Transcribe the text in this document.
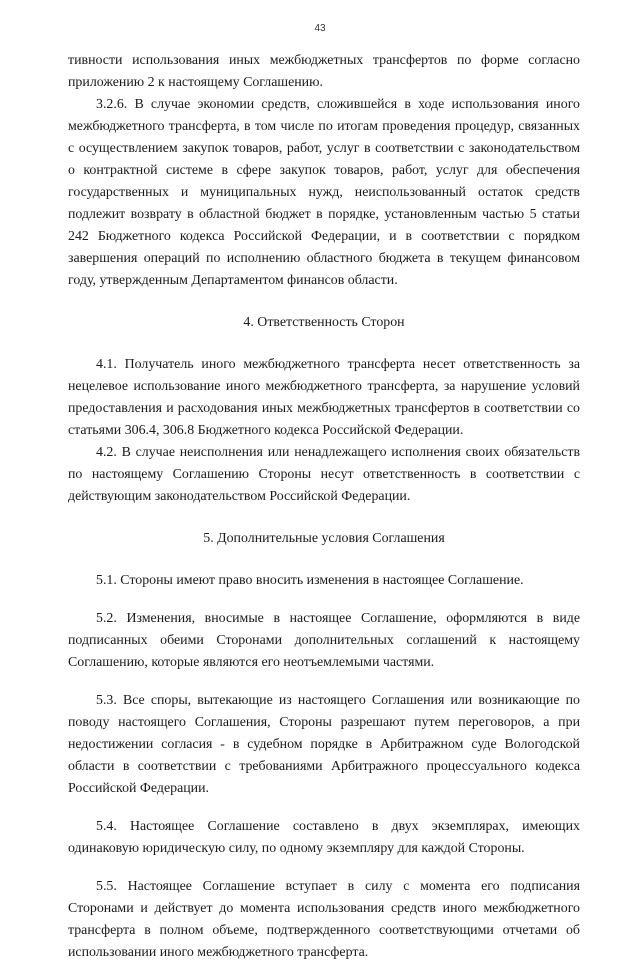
43

тивности использования иных межбюджетных трансфертов по форме согласно приложению 2 к настоящему Соглашению.

3.2.6. В случае экономии средств, сложившейся в ходе использования иного межбюджетного трансферта, в том числе по итогам проведения процедур, связанных с осуществлением закупок товаров, работ, услуг в соответствии с законодательством о контрактной системе в сфере закупок товаров, работ, услуг для обеспечения государственных и муниципальных нужд, неиспользованный остаток средств подлежит возврату в областной бюджет в порядке, установленным частью 5 статьи 242 Бюджетного кодекса Российской Федерации, и в соответствии с порядком завершения операций по исполнению областного бюджета в текущем финансовом году, утвержденным Департаментом финансов области.

4. Ответственность Сторон

4.1. Получатель иного межбюджетного трансферта несет ответственность за нецелевое использование иного межбюджетного трансферта, за нарушение условий предоставления и расходования иных межбюджетных трансфертов в соответствии со статьями 306.4, 306.8 Бюджетного кодекса Российской Федерации.

4.2. В случае неисполнения или ненадлежащего исполнения своих обязательств по настоящему Соглашению Стороны несут ответственность в соответствии с действующим законодательством Российской Федерации.

5. Дополнительные условия Соглашения

5.1. Стороны имеют право вносить изменения в настоящее Соглашение.

5.2. Изменения, вносимые в настоящее Соглашение, оформляются в виде подписанных обеими Сторонами дополнительных соглашений к настоящему Соглашению, которые являются его неотъемлемыми частями.

5.3. Все споры, вытекающие из настоящего Соглашения или возникающие по поводу настоящего Соглашения, Стороны разрешают путем переговоров, а при недостижении согласия - в судебном порядке в Арбитражном суде Вологодской области в соответствии с требованиями Арбитражного процессуального кодекса Российской Федерации.

5.4. Настоящее Соглашение составлено в двух экземплярах, имеющих одинаковую юридическую силу, по одному экземпляру для каждой Стороны.

5.5. Настоящее Соглашение вступает в силу с момента его подписания Сторонами и действует до момента использования средств иного межбюджетного трансферта в полном объеме, подтвержденного соответствующими отчетами об использовании иного межбюджетного трансферта.
